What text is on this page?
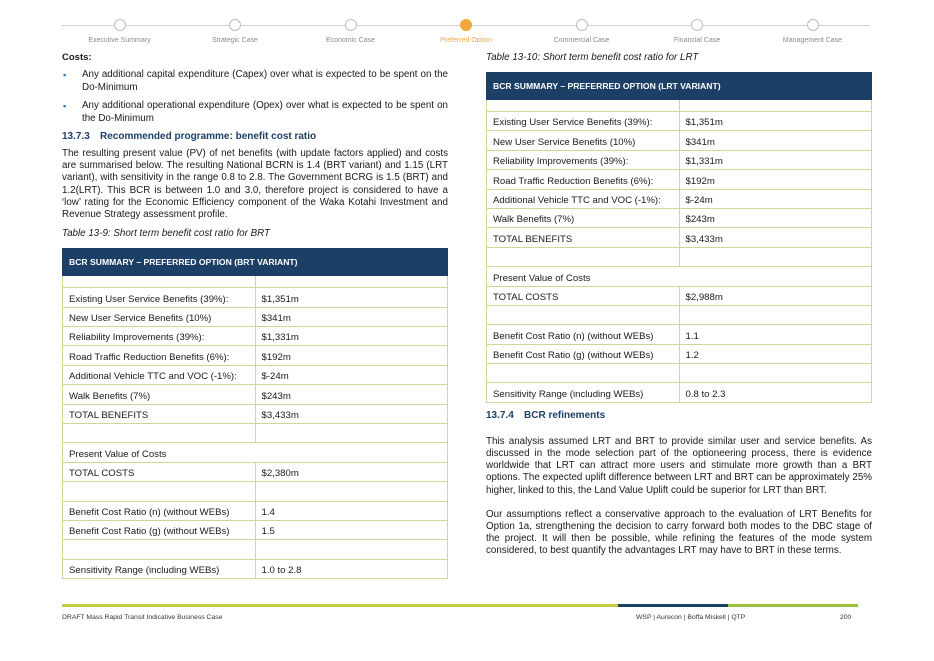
Executive Summary	Strategic Case	Economic Case	Preferred Option	Commercial Case	Financial Case	Management Case
Costs:
▪ Any additional capital expenditure (Capex) over what is expected to be spent on the Do-Minimum
▪ Any additional operational expenditure (Opex) over what is expected to be spent on the Do-Minimum
13.7.3	Recommended programme: benefit cost ratio

The resulting present value (PV) of net benefits (with update factors applied) and costs are summarised below. The resulting National BCRN is 1.4 (BRT variant) and 1.15 (LRT variant), with sensitivity in the range 0.8 to 2.8. The Government BCRG is 1.5 (BRT) and 1.2(LRT). This BCR is between 1.0 and 3.0, therefore project is considered to have a ‘low’ rating for the Economic Efficiency component of the Waka Kotahi Investment and Revenue Strategy assessment profile.

Table 13-9: Short term benefit cost ratio for BRT
BCR SUMMARY – PREFERRED OPTION (BRT VARIANT)	

Existing User Service Benefits (39%):	$1,351m
New User Service Benefits (10%)	$341m
Reliability Improvements (39%):	$1,331m
Road Traffic Reduction Benefits (6%):	$192m
Additional Vehicle TTC and VOC (-1%):	$-24m
Walk Benefits (7%)	$243m
TOTAL BENEFITS	$3,433m

Present Value of Costs	
TOTAL COSTS	$2,380m

Benefit Cost Ratio (n) (without WEBs)	1.4
Benefit Cost Ratio (g) (without WEBs)	1.5

Sensitivity Range (including WEBs)	1.0 to 2.8
Table 13-10: Short term benefit cost ratio for LRT
BCR SUMMARY – PREFERRED OPTION (LRT VARIANT)	

Existing User Service Benefits (39%):	$1,351m
New User Service Benefits (10%)	$341m
Reliability Improvements (39%):	$1,331m
Road Traffic Reduction Benefits (6%):	$192m
Additional Vehicle TTC and VOC (-1%):	$-24m
Walk Benefits (7%)	$243m
TOTAL BENEFITS	$3,433m

Present Value of Costs	
TOTAL COSTS	$2,988m

Benefit Cost Ratio (n) (without WEBs)	1.1
Benefit Cost Ratio (g) (without WEBs)	1.2

Sensitivity Range (including WEBs)	0.8 to 2.3
13.7.4	BCR refinements

This analysis assumed LRT and BRT to provide similar user and service benefits. As discussed in the mode selection part of the optioneering process, there is evidence worldwide that LRT can attract more users and stimulate more growth than a BRT options. The expected uplift difference between LRT and BRT can be approximately 25% higher, linked to this, the Land Value Uplift could be superior for LRT than BRT.

Our assumptions reflect a conservative approach to the evaluation of LRT Benefits for Option 1a, strengthening the decision to carry forward both modes to the DBC stage of the project. It will then be possible, while refining the features of the mode system considered, to best quantify the advantages LRT may have to BRT in these terms.

DRAFT Mass Rapid Transit Indicative Business Case	WSP | Aurecon | Boffa Miskell | QTP	200
